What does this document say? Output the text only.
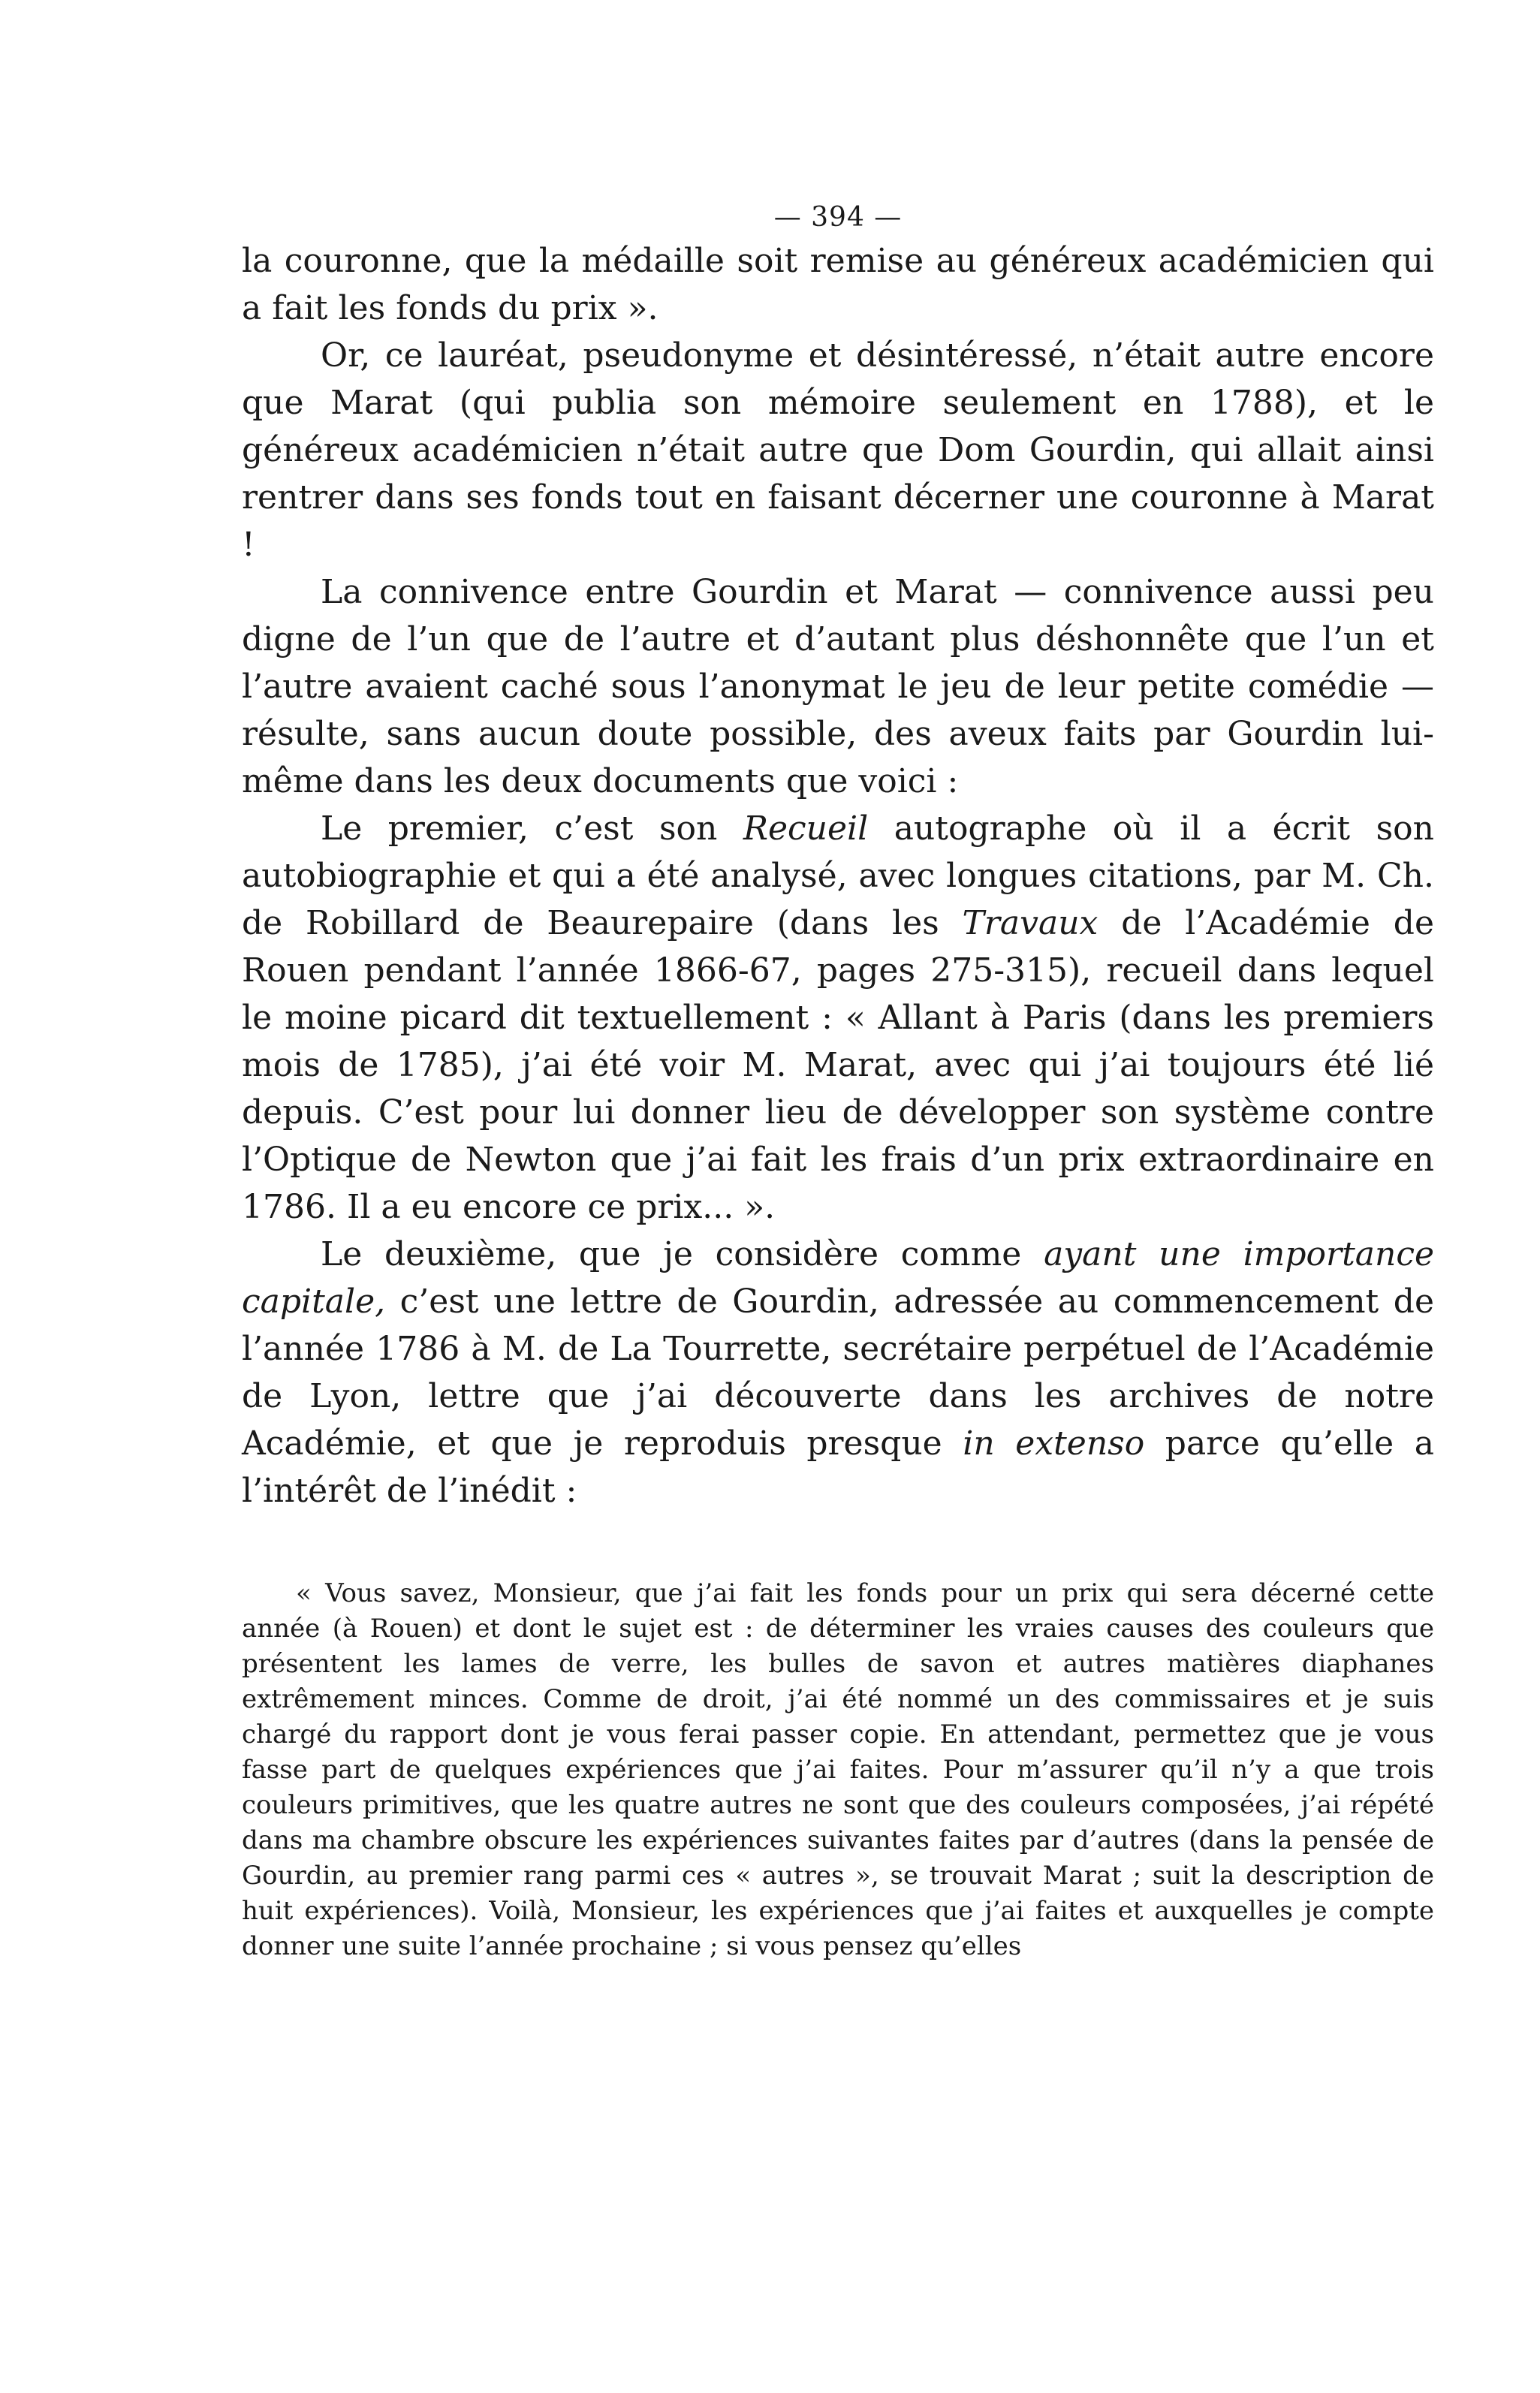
— 394 —

la couronne, que la médaille soit remise au généreux académicien qui a fait les fonds du prix ».

Or, ce lauréat, pseudonyme et désintéressé, n’était autre encore que Marat (qui publia son mémoire seulement en 1788), et le généreux académicien n’était autre que Dom Gourdin, qui allait ainsi rentrer dans ses fonds tout en faisant décerner une couronne à Marat !

La connivence entre Gourdin et Marat — connivence aussi peu digne de l’un que de l’autre et d’autant plus déshonnête que l’un et l’autre avaient caché sous l’anonymat le jeu de leur petite comédie — résulte, sans aucun doute possible, des aveux faits par Gourdin lui-même dans les deux documents que voici :

Le premier, c’est son Recueil autographe où il a écrit son autobiographie et qui a été analysé, avec longues citations, par M. Ch. de Robillard de Beaurepaire (dans les Travaux de l’Académie de Rouen pendant l’année 1866-67, pages 275-315), recueil dans lequel le moine picard dit textuellement : « Allant à Paris (dans les premiers mois de 1785), j’ai été voir M. Marat, avec qui j’ai toujours été lié depuis. C’est pour lui donner lieu de développer son système contre l’Optique de Newton que j’ai fait les frais d’un prix extraordinaire en 1786. Il a eu encore ce prix... ».

Le deuxième, que je considère comme ayant une importance capitale, c’est une lettre de Gourdin, adressée au commencement de l’année 1786 à M. de La Tourrette, secrétaire perpétuel de l’Académie de Lyon, lettre que j’ai découverte dans les archives de notre Académie, et que je reproduis presque in extenso parce qu’elle a l’intérêt de l’inédit :

« Vous savez, Monsieur, que j’ai fait les fonds pour un prix qui sera décerné cette année (à Rouen) et dont le sujet est : de déterminer les vraies causes des couleurs que présentent les lames de verre, les bulles de savon et autres matières diaphanes extrêmement minces. Comme de droit, j’ai été nommé un des commissaires et je suis chargé du rapport dont je vous ferai passer copie. En attendant, permettez que je vous fasse part de quelques expériences que j’ai faites. Pour m’assurer qu’il n’y a que trois couleurs primitives, que les quatre autres ne sont que des couleurs composées, j’ai répété dans ma chambre obscure les expériences suivantes faites par d’autres (dans la pensée de Gourdin, au premier rang parmi ces « autres », se trouvait Marat ; suit la description de huit expériences). Voilà, Monsieur, les expériences que j’ai faites et auxquelles je compte donner une suite l’année prochaine ; si vous pensez qu’elles
